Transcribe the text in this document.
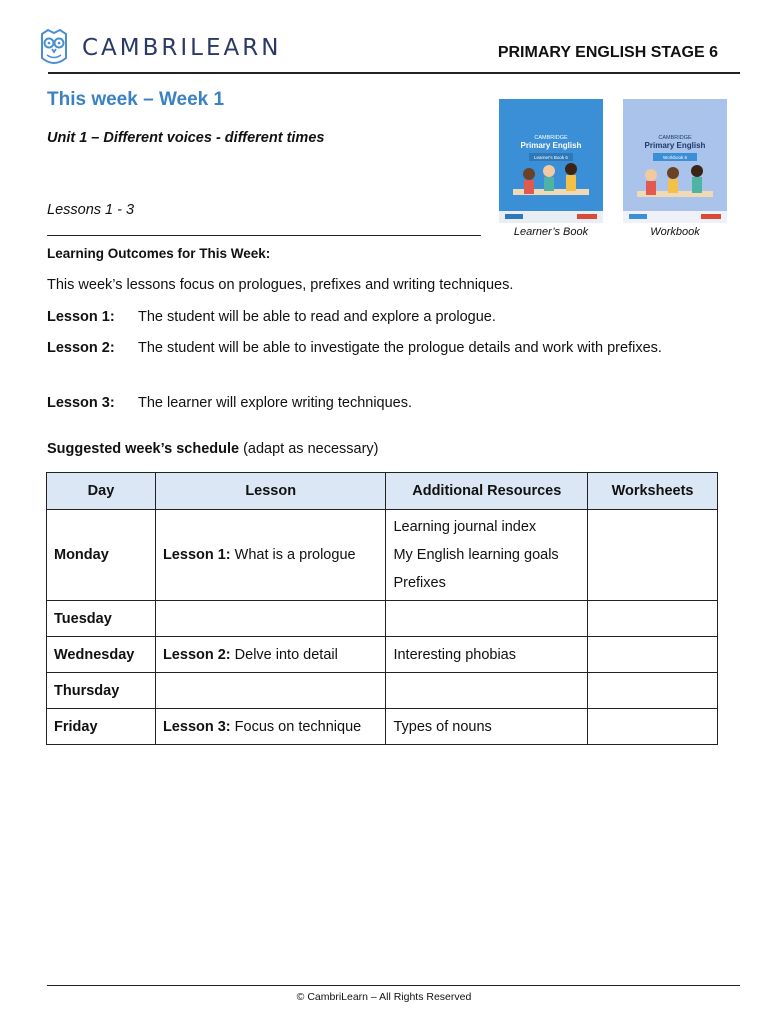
CAMBRILEARN	PRIMARY ENGLISH STAGE 6
This week – Week 1
Unit 1 – Different voices - different times
Lessons 1 - 3
CAMBRIDGE
Primary English
Learner's Book 6
Learner’s Book
CAMBRIDGE
Primary English
Workbook 6
Workbook
Learning Outcomes for This Week:
This week’s lessons focus on prologues, prefixes and writing techniques.
Lesson 1: The student will be able to read and explore a prologue.
Lesson 2: The student will be able to investigate the prologue details and work with prefixes.
Lesson 3: The learner will explore writing techniques.
Suggested week’s schedule (adapt as necessary)
Day	Lesson	Additional Resources	Worksheets
Monday	Lesson 1: What is a prologue	Learning journal index
My English learning goals
Prefixes	

Tuesday			
Wednesday	Lesson 2: Delve into detail	Interesting phobias	
Thursday			
Friday	Lesson 3: Focus on technique	Types of nouns	
© CambriLearn – All Rights Reserved
